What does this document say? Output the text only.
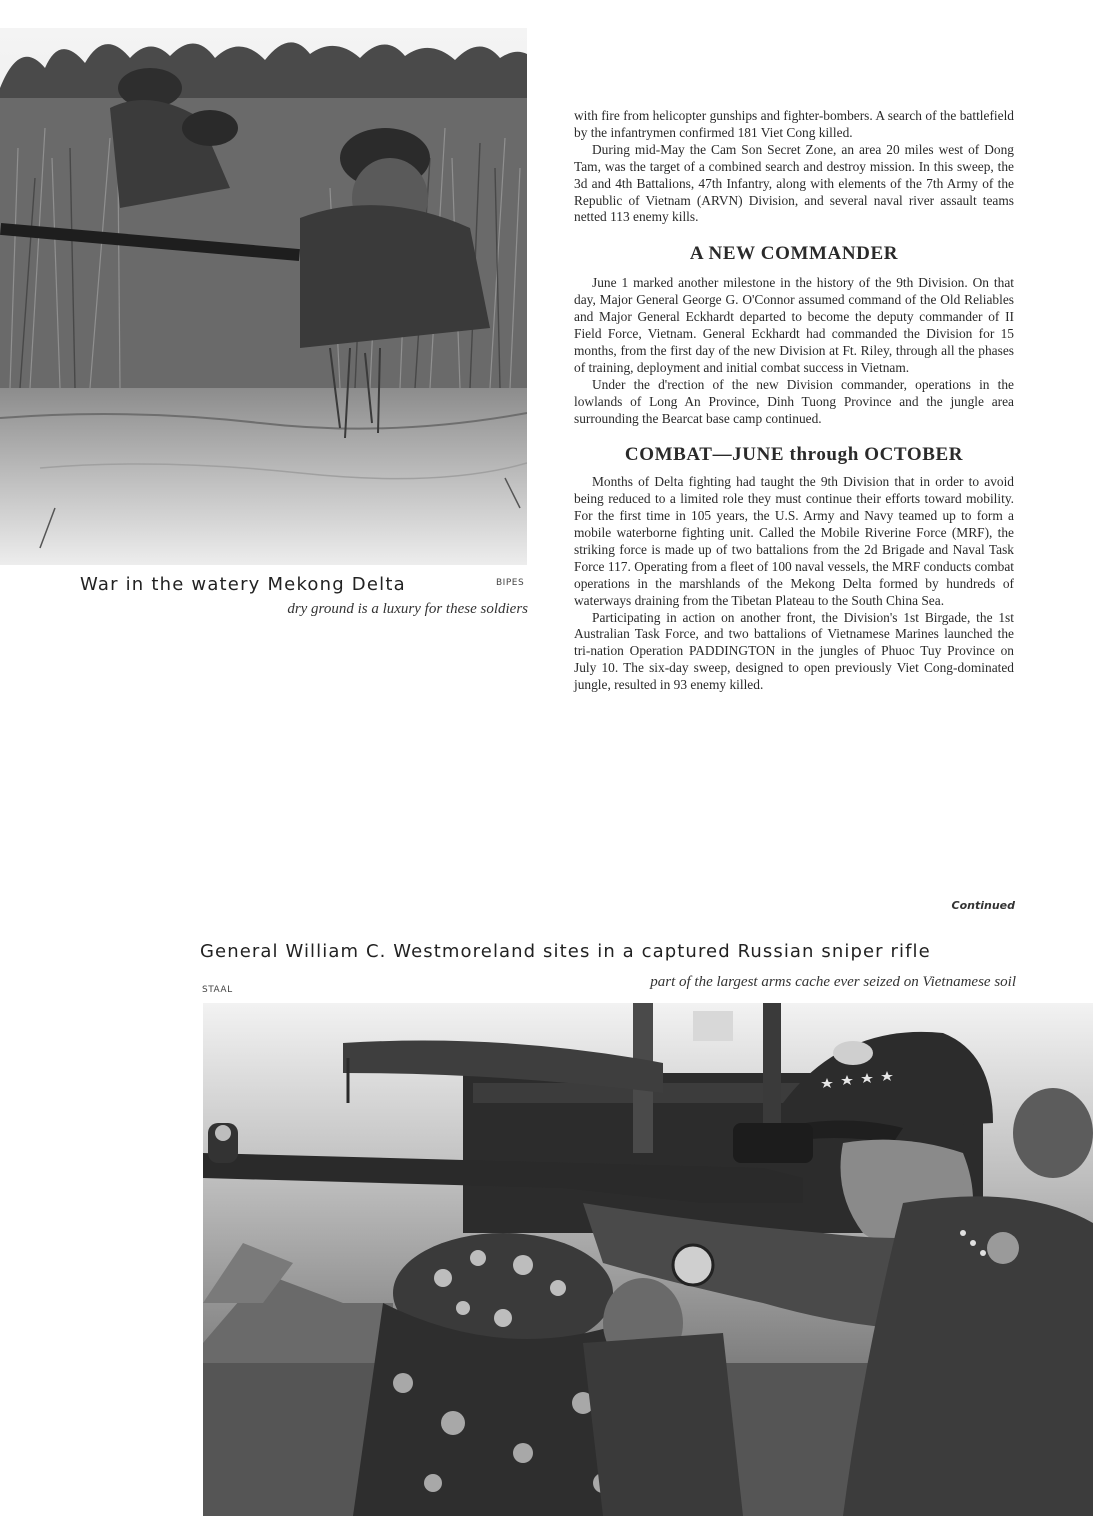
BIPES
War in the watery Mekong Delta
dry ground is a luxury for these soldiers

with fire from helicopter gunships and fighter-bombers. A search of the battlefield by the infantrymen confirmed 181 Viet Cong killed.

During mid-May the Cam Son Secret Zone, an area 20 miles west of Dong Tam, was the target of a combined search and destroy mission. In this sweep, the 3d and 4th Battalions, 47th Infantry, along with elements of the 7th Army of the Republic of Vietnam (ARVN) Division, and several naval river assault teams netted 113 enemy kills.

A NEW COMMANDER

June 1 marked another milestone in the history of the 9th Division. On that day, Major General George G. O'Connor assumed command of the Old Reliables and Major General Eckhardt departed to become the deputy commander of II Field Force, Vietnam. General Eckhardt had commanded the Division for 15 months, from the first day of the new Division at Ft. Riley, through all the phases of training, deployment and initial combat success in Vietnam.

Under the d'rection of the new Division commander, operations in the lowlands of Long An Province, Dinh Tuong Province and the jungle area surrounding the Bearcat base camp continued.

COMBAT—JUNE through OCTOBER

Months of Delta fighting had taught the 9th Division that in order to avoid being reduced to a limited role they must continue their efforts toward mobility. For the first time in 105 years, the U.S. Army and Navy teamed up to form a mobile waterborne fighting unit. Called the Mobile Riverine Force (MRF), the striking force is made up of two battalions from the 2d Brigade and Naval Task Force 117. Operating from a fleet of 100 naval vessels, the MRF conducts combat operations in the marshlands of the Mekong Delta formed by hundreds of waterways draining from the Tibetan Plateau to the South China Sea.

Participating in action on another front, the Division's 1st Birgade, the 1st Australian Task Force, and two battalions of Vietnamese Marines launched the tri-nation Operation PADDINGTON in the jungles of Phuoc Tuy Province on July 10. The six-day sweep, designed to open previously Viet Cong-dominated jungle, resulted in 93 enemy killed.

Continued
General William C. Westmoreland sites in a captured Russian sniper rifle
STAAL	part of the largest arms cache ever seized on Vietnamese soil
